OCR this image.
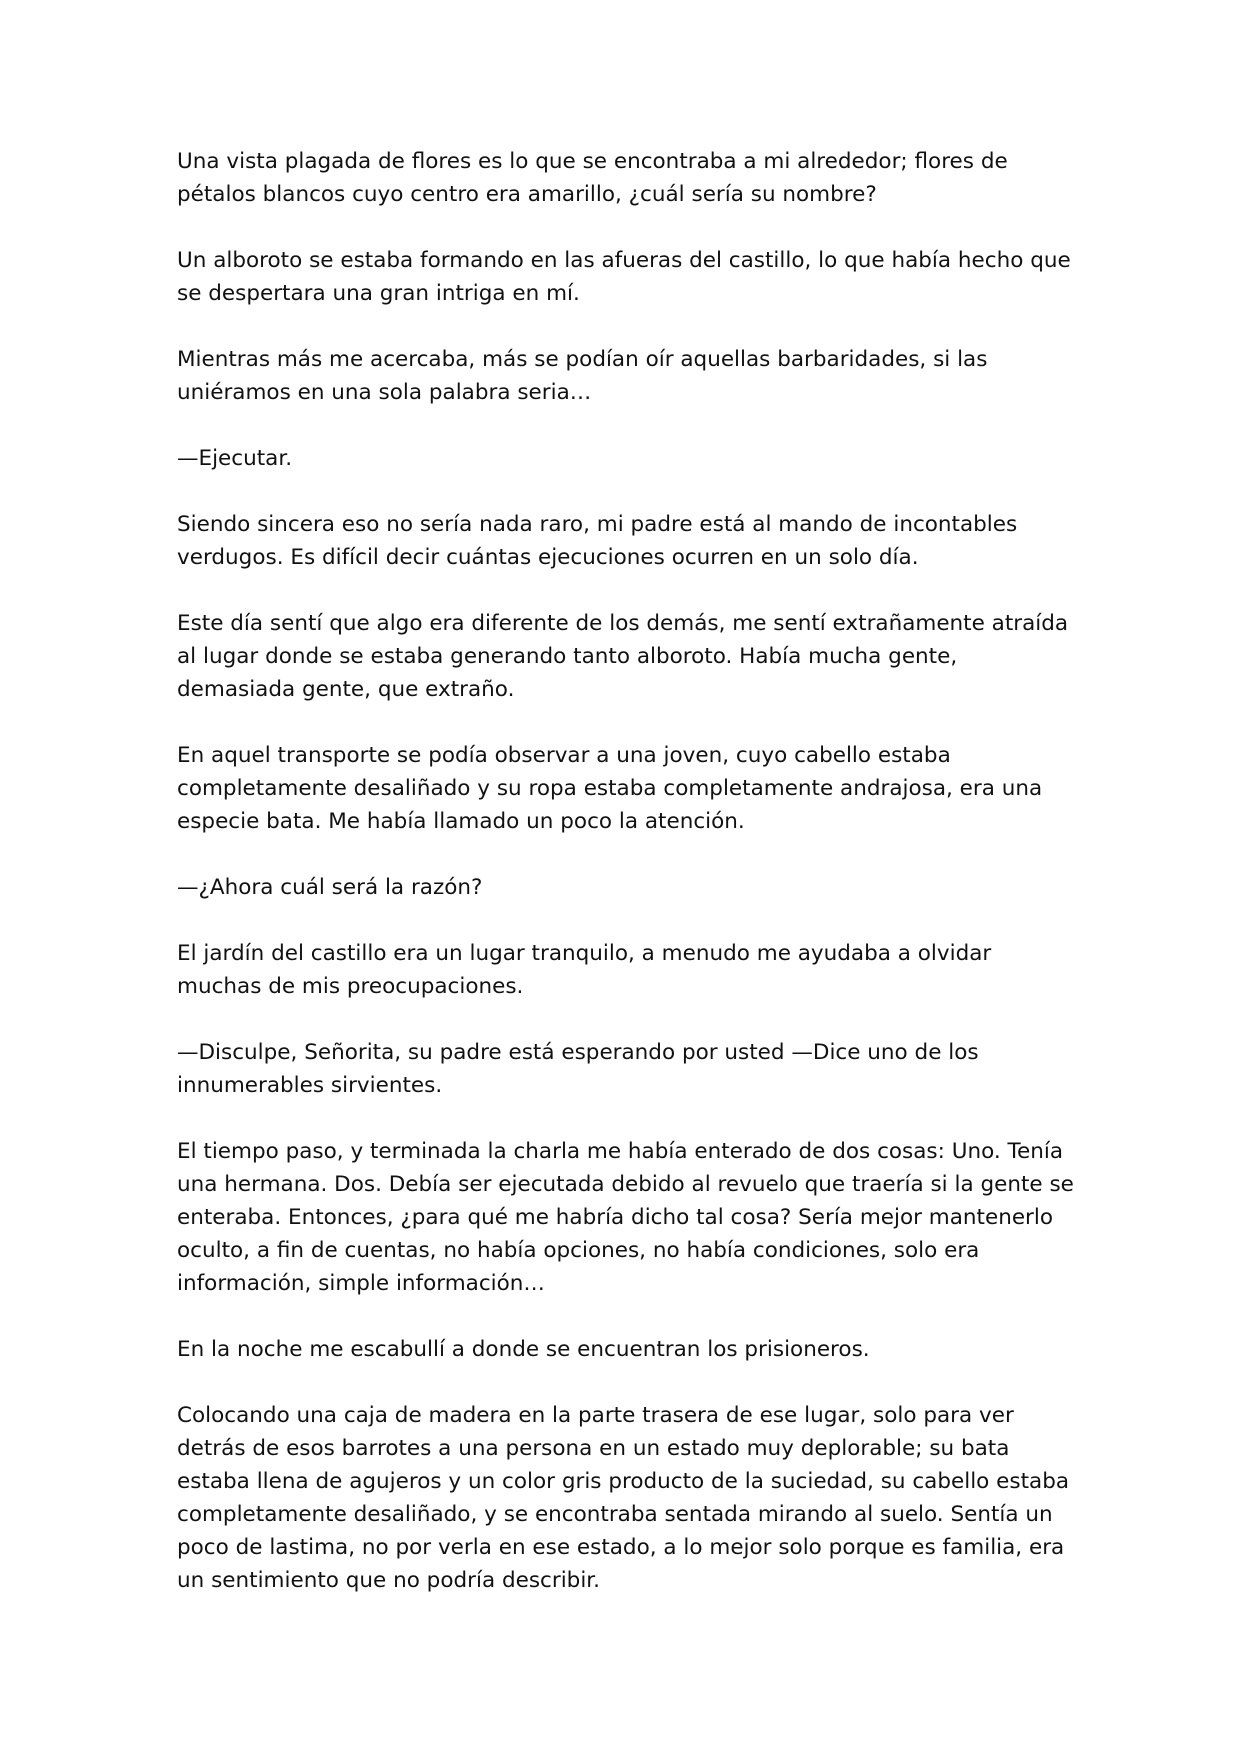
Una vista plagada de flores es lo que se encontraba a mi alrededor; flores de pétalos blancos cuyo centro era amarillo, ¿cuál sería su nombre?

Un alboroto se estaba formando en las afueras del castillo, lo que había hecho que se despertara una gran intriga en mí.

Mientras más me acercaba, más se podían oír aquellas barbaridades, si las uniéramos en una sola palabra seria…

—Ejecutar.

Siendo sincera eso no sería nada raro, mi padre está al mando de incontables verdugos. Es difícil decir cuántas ejecuciones ocurren en un solo día.

Este día sentí que algo era diferente de los demás, me sentí extrañamente atraída al lugar donde se estaba generando tanto alboroto. Había mucha gente, demasiada gente, que extraño.

En aquel transporte se podía observar a una joven, cuyo cabello estaba completamente desaliñado y su ropa estaba completamente andrajosa, era una especie bata. Me había llamado un poco la atención.

—¿Ahora cuál será la razón?

El jardín del castillo era un lugar tranquilo, a menudo me ayudaba a olvidar muchas de mis preocupaciones.

—Disculpe, Señorita, su padre está esperando por usted —Dice uno de los innumerables sirvientes.

El tiempo paso, y terminada la charla me había enterado de dos cosas: Uno. Tenía una hermana. Dos. Debía ser ejecutada debido al revuelo que traería si la gente se enteraba. Entonces, ¿para qué me habría dicho tal cosa? Sería mejor mantenerlo oculto, a fin de cuentas, no había opciones, no había condiciones, solo era información, simple información…

En la noche me escabullí a donde se encuentran los prisioneros.

Colocando una caja de madera en la parte trasera de ese lugar, solo para ver detrás de esos barrotes a una persona en un estado muy deplorable; su bata estaba llena de agujeros y un color gris producto de la suciedad, su cabello estaba completamente desaliñado, y se encontraba sentada mirando al suelo. Sentía un poco de lastima, no por verla en ese estado, a lo mejor solo porque es familia, era un sentimiento que no podría describir.
